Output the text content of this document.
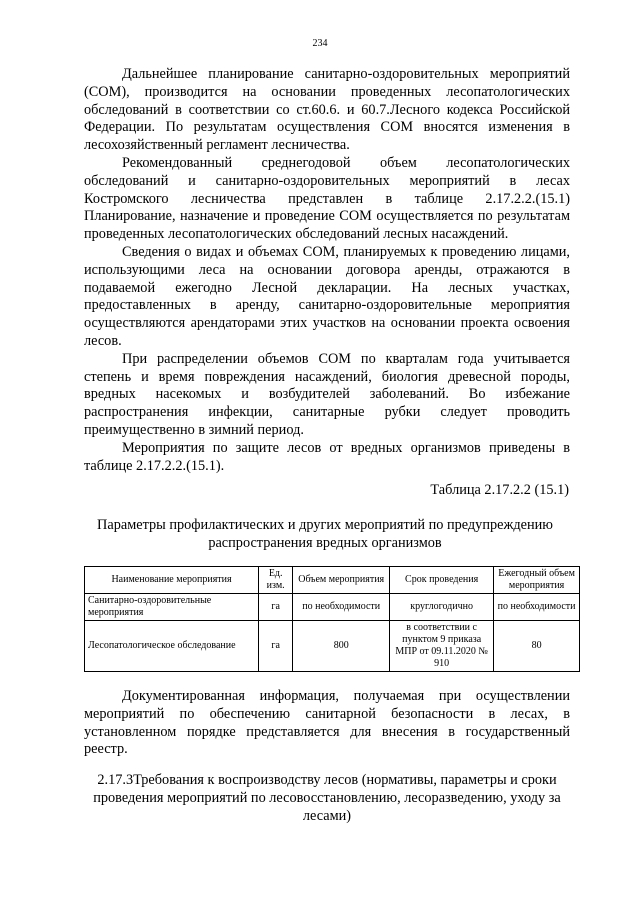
234

Дальнейшее планирование санитарно-оздоровительных мероприятий (СОМ), производится на основании проведенных лесопатологических обследований в соответствии со ст.60.6. и 60.7.Лесного кодекса Российской Федерации. По результатам осуществления СОМ вносятся изменения в лесохозяйственный регламент лесничества.

Рекомендованный среднегодовой объем лесопатологических обследований и санитарно-оздоровительных мероприятий в лесах Костромского лесничества представлен в таблице 2.17.2.2.(15.1) Планирование, назначение и проведение СОМ осуществляется по результатам проведенных лесопатологических обследований лесных насаждений.

Сведения о видах и объемах СОМ, планируемых к проведению лицами, использующими леса на основании договора аренды, отражаются в подаваемой ежегодно Лесной декларации. На лесных участках, предоставленных в аренду, санитарно-оздоровительные мероприятия осуществляются арендаторами этих участков на основании проекта освоения лесов.

При распределении объемов СОМ по кварталам года учитывается степень и время повреждения насаждений, биология древесной породы, вредных насекомых и возбудителей заболеваний. Во избежание распространения инфекции, санитарные рубки следует проводить преимущественно в зимний период.

Мероприятия по защите лесов от вредных организмов приведены в таблице 2.17.2.2.(15.1).

Таблица 2.17.2.2 (15.1)
Параметры профилактических и других мероприятий по предупреждению
распространения вредных организмов
Наименование мероприятия	Ед. изм.	Объем мероприятия	Срок проведения	Ежегодный объем мероприятия
Санитарно-оздоровительные мероприятия	га	по необходимости	круглогодично	по необходимости
Лесопатологическое обследование	га	800	в соответствии с пунктом 9 приказа МПР от 09.11.2020 № 910	80

Документированная информация, получаемая при осуществлении мероприятий по обеспечению санитарной безопасности в лесах, в установленном порядке представляется для внесения в государственный реестр.

2.17.3Требования к воспроизводству лесов (нормативы, параметры и сроки проведения мероприятий по лесовосстановлению, лесоразведению, уходу за лесами)
